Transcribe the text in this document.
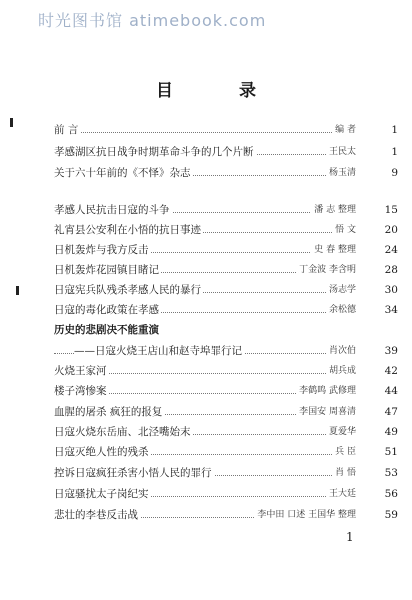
时光图书馆 atimebook.com
目 录
前 言	编 者	1
孝感湖区抗日战争时期革命斗争的几个片断	王民太	1
关于六十年前的《不怿》杂志	杨玉清	9
孝感人民抗击日寇的斗争	潘 志 整理	15
礼宵县公安利在小悟的抗日事迹	悟 文	20
日机轰炸与我方反击	史 春 整理	24
日机轰炸花园镇目睹记	丁金波 李含明	28
日寇宪兵队残杀孝感人民的暴行	汤志学	30
日寇的毒化政策在孝感	余松德	34
历史的悲剧决不能重演
——日寇火烧王店山和赵寺埠罪行记	肖次伯	39
火烧王家河	胡兵成	42
楼子湾惨案	李鹤鸣 武修理	44
血腥的屠杀 疯狂的报复	李国安 周喜清	47
日寇火烧东岳庙、北泾嘴始末	夏爱华	49
日寇灭绝人性的残杀	兵 臣	51
控诉日寇疯狂杀害小悟人民的罪行	肖 悟	53
日寇骚扰太子岗纪实	王大廷	56
悲壮的李巷反击战	李中田 口述 王国华 整理	59
1
